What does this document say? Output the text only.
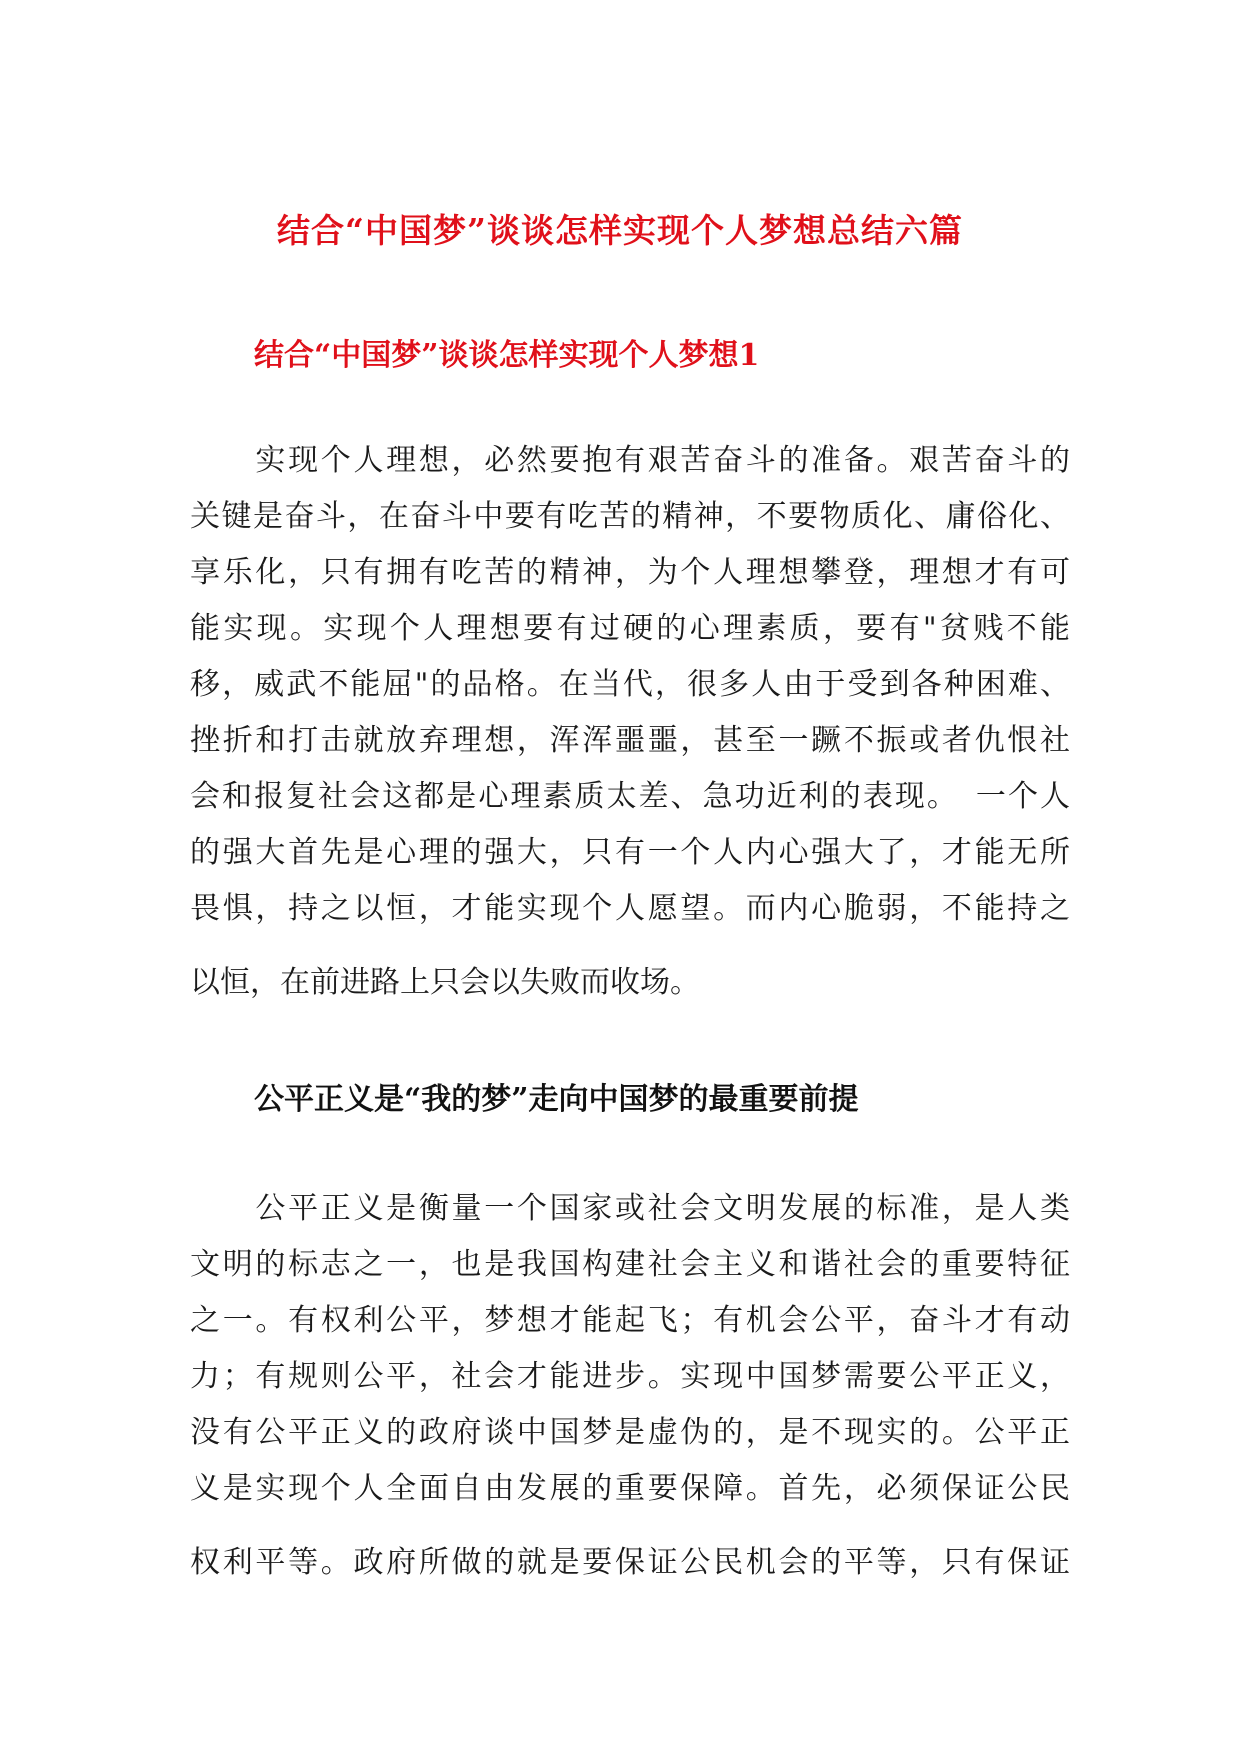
结合“中国梦”谈谈怎样实现个人梦想总结六篇
结合“中国梦”谈谈怎样实现个人梦想1
　　实现个人理想，必然要抱有艰苦奋斗的准备。艰苦奋斗的
关键是奋斗，在奋斗中要有吃苦的精神，不要物质化、庸俗化、
享乐化，只有拥有吃苦的精神，为个人理想攀登，理想才有可
能实现。实现个人理想要有过硬的心理素质，要有"贫贱不能
移，威武不能屈"的品格。在当代，很多人由于受到各种困难、
挫折和打击就放弃理想，浑浑噩噩，甚至一蹶不振或者仇恨社
会和报复社会这都是心理素质太差、急功近利的表现。　一个人
的强大首先是心理的强大，只有一个人内心强大了，才能无所
畏惧，持之以恒，才能实现个人愿望。而内心脆弱，不能持之
以恒，在前进路上只会以失败而收场。
公平正义是“我的梦”走向中国梦的最重要前提
　　公平正义是衡量一个国家或社会文明发展的标准，是人类
文明的标志之一，也是我国构建社会主义和谐社会的重要特征
之一。有权利公平，梦想才能起飞；有机会公平，奋斗才有动
力；有规则公平，社会才能进步。实现中国梦需要公平正义，
没有公平正义的政府谈中国梦是虚伪的，是不现实的。公平正
义是实现个人全面自由发展的重要保障。首先，必须保证公民
权利平等。政府所做的就是要保证公民机会的平等，只有保证
